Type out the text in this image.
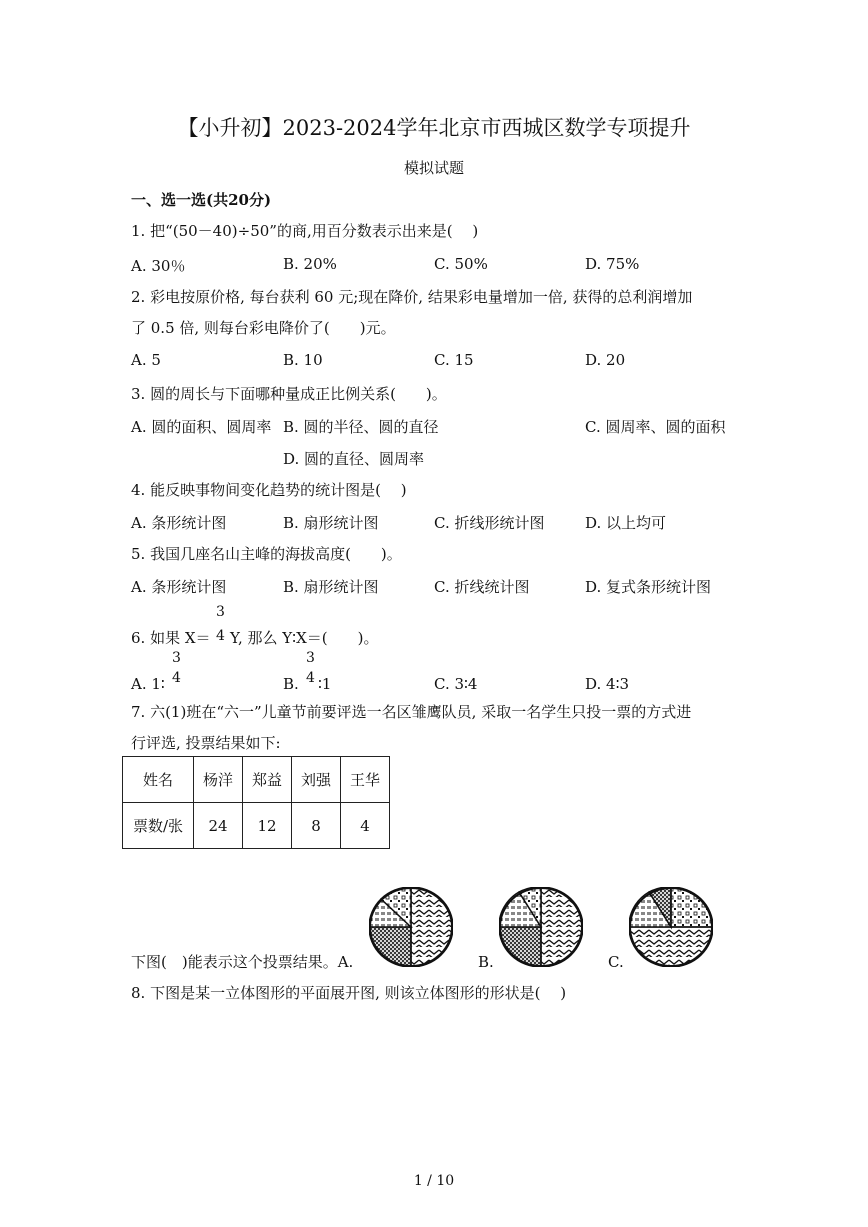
【小升初】2023-2024学年北京市西城区数学专项提升
模拟试题
一、选一选(共20分)
1. 把“(50－40)÷50”的商,用百分数表示出来是(　 )
A. 30％	B. 20%	C. 50%	D. 75%
2. 彩电按原价格, 每台获利 60 元;现在降价, 结果彩电量增加一倍, 获得的总利润增加
了 0.5 倍, 则每台彩电降价了(　　)元。
A. 5	B. 10	C. 15	D. 20
3. 圆的周长与下面哪种量成正比例关系(　　)。
A. 圆的面积、圆周率 B. 圆的半径、圆的直径	C. 圆周率、圆的面积
D. 圆的直径、圆周率
4. 能反映事物间变化趋势的统计图是(　 )
A. 条形统计图	B. 扇形统计图	C. 折线形统计图	D. 以上均可
5. 我国几座名山主峰的海拔高度(　　)。
A. 条形统计图	B. 扇形统计图	C. 折线统计图	D. 复式条形统计图
6. 如果 X＝
3
4 Y, 那么 Y∶X＝(　　)。
A. 1∶
3
4	B.
3
4 ∶1	C. 3∶4	D. 4∶3
7. 六(1)班在“六一”儿童节前要评选一名区雏鹰队员, 采取一名学生只投一票的方式进
行评选, 投票结果如下:
姓名	杨洋	郑益	刘强	王华
票数/张	24	12	8	4
下图(　)能表示这个投票结果。A.	B.	C.
8. 下图是某一立体图形的平面展开图, 则该立体图形的形状是(　 )
1 / 10
